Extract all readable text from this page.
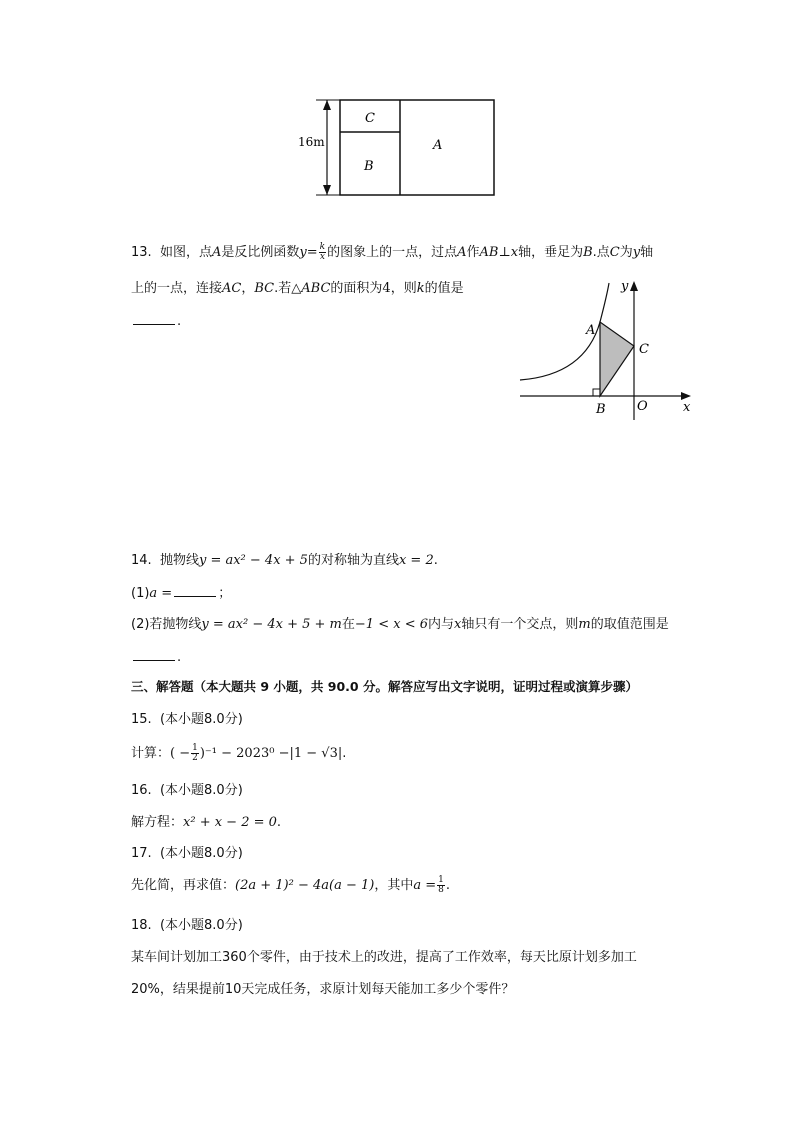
16m
C
B
A
13. 如图，点A是反比例函数$y= \frac{k}{x}$ 的图象上的一点，过点A作AB⊥x轴，垂足为B.点C为y轴
上的一点，连接AC，BC.若△ABC的面积为4，则k的值是
.
y
A
C
B O	x
14. 抛物线y = ax² − 4x + 5的对称轴为直线x = 2.
(1)a =	；
(2)若抛物线y = ax² − 4x + 5 + m在−1 < x < 6内与x轴只有一个交点，则m的取值范围是
.
三、解答题（本大题共 9 小题，共 90.0 分。解答应写出文字说明，证明过程或演算步骤）
15. (本小题8.0分)
计算：( − $\frac{1}{2} )^{-1} - 2023^0 -|1 - √3|$.
16. (本小题8.0分)
解方程：x² + x − 2 = 0.
17. (本小题8.0分)
先化简，再求值：(2a + 1)² − 4a(a − 1)，其中$a = \frac{1}{8}$ .
18. (本小题8.0分)
某车间计划加工360个零件，由于技术上的改进，提高了工作效率，每天比原计划多加工
20%，结果提前10天完成任务，求原计划每天能加工多少个零件？
